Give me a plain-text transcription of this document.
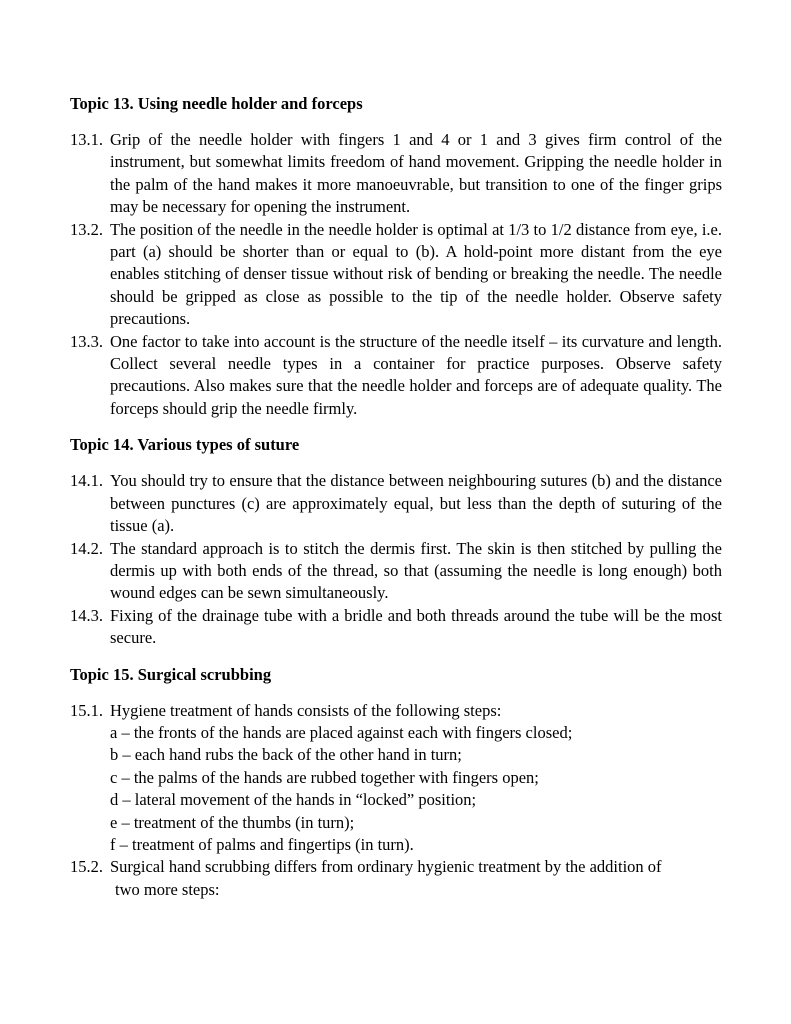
Topic 13. Using needle holder and forceps
13.1. Grip of the needle holder with fingers 1 and 4 or 1 and 3 gives firm control of the instrument, but somewhat limits freedom of hand movement. Gripping the needle holder in the palm of the hand makes it more manoeuvrable, but transition to one of the finger grips may be necessary for opening the instrument.
13.2. The position of the needle in the needle holder is optimal at 1/3 to 1/2 distance from eye, i.e. part (a) should be shorter than or equal to (b). A hold-point more distant from the eye enables stitching of denser tissue without risk of bending or breaking the needle. The needle should be gripped as close as possible to the tip of the needle holder. Observe safety precautions.
13.3. One factor to take into account is the structure of the needle itself – its curvature and length. Collect several needle types in a container for practice purposes. Observe safety precautions. Also makes sure that the needle holder and forceps are of adequate quality. The forceps should grip the needle firmly.
Topic 14. Various types of suture
14.1. You should try to ensure that the distance between neighbouring sutures (b) and the distance between punctures (c) are approximately equal, but less than the depth of suturing of the tissue (a).
14.2. The standard approach is to stitch the dermis first. The skin is then stitched by pulling the dermis up with both ends of the thread, so that (assuming the needle is long enough) both wound edges can be sewn simultaneously.
14.3. Fixing of the drainage tube with a bridle and both threads around the tube will be the most secure.
Topic 15. Surgical scrubbing
15.1. Hygiene treatment of hands consists of the following steps:
a – the fronts of the hands are placed against each with fingers closed;
b – each hand rubs the back of the other hand in turn;
c – the palms of the hands are rubbed together with fingers open;
d – lateral movement of the hands in “locked” position;
e – treatment of the thumbs (in turn);
f – treatment of palms and fingertips (in turn).
15.2. Surgical hand scrubbing differs from ordinary hygienic treatment by the addition of
two more steps:
